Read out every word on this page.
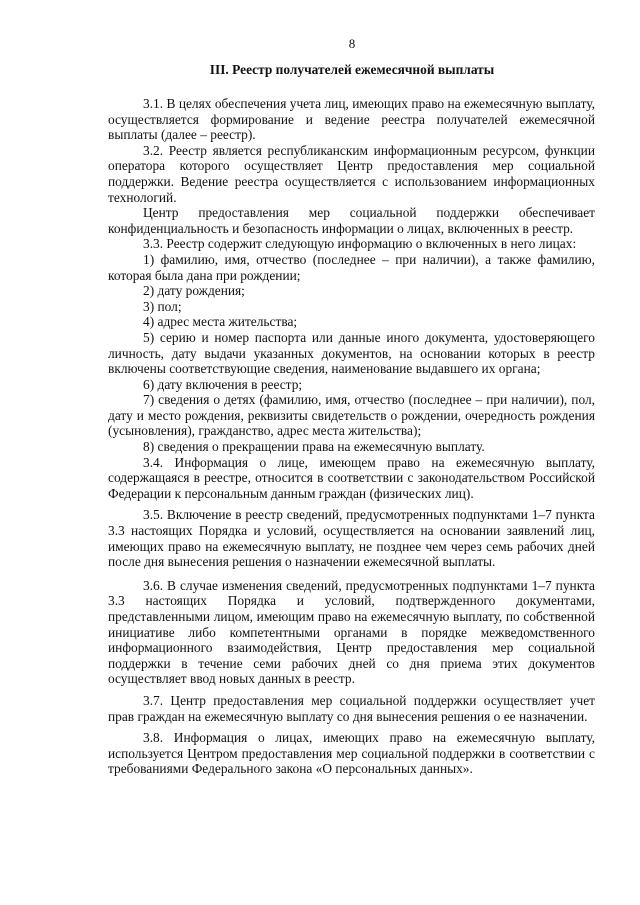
8
III. Реестр получателей ежемесячной выплаты

3.1. В целях обеспечения учета лиц, имеющих право на ежемесячную выплату, осуществляется формирование и ведение реестра получателей ежемесячной выплаты (далее – реестр).

3.2. Реестр является республиканским информационным ресурсом, функции оператора которого осуществляет Центр предоставления мер социальной поддержки. Ведение реестра осуществляется с использованием информационных технологий.

Центр предоставления мер социальной поддержки обеспечивает конфиденциальность и безопасность информации о лицах, включенных в реестр.

3.3. Реестр содержит следующую информацию о включенных в него лицах:

1) фамилию, имя, отчество (последнее – при наличии), а также фамилию, которая была дана при рождении;

2) дату рождения;

3) пол;

4) адрес места жительства;

5) серию и номер паспорта или данные иного документа, удостоверяющего личность, дату выдачи указанных документов, на основании которых в реестр включены соответствующие сведения, наименование выдавшего их органа;

6) дату включения в реестр;

7) сведения о детях (фамилию, имя, отчество (последнее – при наличии), пол, дату и место рождения, реквизиты свидетельств о рождении, очередность рождения (усыновления), гражданство, адрес места жительства);

8) сведения о прекращении права на ежемесячную выплату.

3.4. Информация о лице, имеющем право на ежемесячную выплату, содержащаяся в реестре, относится в соответствии с законодательством Российской Федерации к персональным данным граждан (физических лиц).

3.5. Включение в реестр сведений, предусмотренных подпунктами 1–7 пункта 3.3 настоящих Порядка и условий, осуществляется на основании заявлений лиц, имеющих право на ежемесячную выплату, не позднее чем через семь рабочих дней после дня вынесения решения о назначении ежемесячной выплаты.

3.6. В случае изменения сведений, предусмотренных подпунктами 1–7 пункта 3.3 настоящих Порядка и условий, подтвержденного документами, представленными лицом, имеющим право на ежемесячную выплату, по собственной инициативе либо компетентными органами в порядке межведомственного информационного взаимодействия, Центр предоставления мер социальной поддержки в течение семи рабочих дней со дня приема этих документов осуществляет ввод новых данных в реестр.

3.7. Центр предоставления мер социальной поддержки осуществляет учет прав граждан на ежемесячную выплату со дня вынесения решения о ее назначении.

3.8. Информация о лицах, имеющих право на ежемесячную выплату, используется Центром предоставления мер социальной поддержки в соответствии с требованиями Федерального закона «О персональных данных».
